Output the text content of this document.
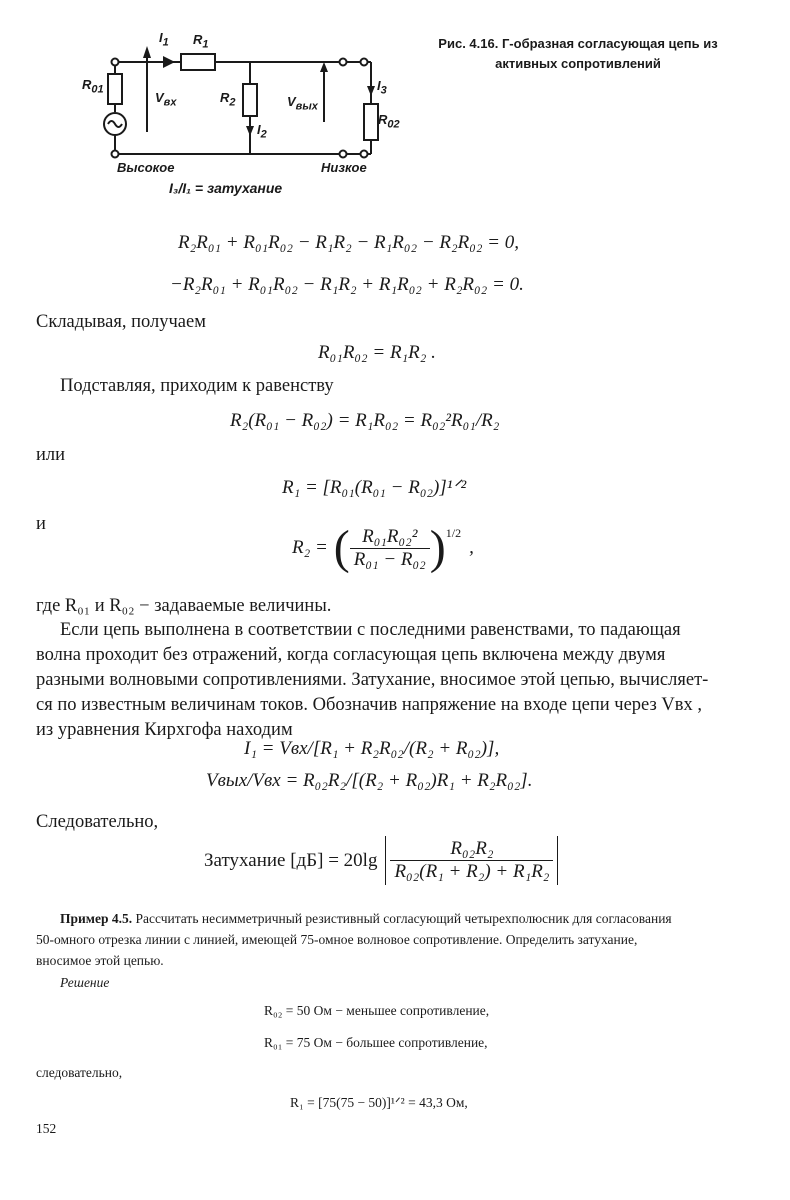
$I_1$ $R_1$
$R_{01}$
$V_{вх}$	$R_2$
$I_2$
$V_{вых}$
$I_3$
$R_{02}$
Высокое	Низкое
I₃/I₁ = затухание
Рис. 4.16. Г-образная согласующая цепь из
активных сопротивлений
R₂R₀₁ + R₀₁R₀₂ − R₁R₂ − R₁R₀₂ − R₂R₀₂ = 0,
−R₂R₀₁ + R₀₁R₀₂ − R₁R₂ + R₁R₀₂ + R₂R₀₂ = 0.
Складывая, получаем
R₀₁R₀₂ = R₁R₂ .
Подставляя, приходим к равенству
R₂(R₀₁ − R₀₂) = R₁R₀₂ = R₀₂²R₀₁/R₂
или
R₁ = [R₀₁(R₀₁ − R₀₂)]¹ᐟ²
и
R₂ = ( $\frac{\text{R₀₁R₀₂²}}{\text{R₀₁ − R₀₂}}$ ) 1/2
,
где R₀₁ и R₀₂ − задаваемые величины.
Если цепь выполнена в соответствии с последними равенствами, то падающая
волна проходит без отражений, когда согласующая цепь включена между двумя
разными волновыми сопротивлениями. Затухание, вносимое этой цепью, вычисляет-
ся по известным величинам токов. Обозначив напряжение на входе цепи через Vвх ,
из уравнения Кирхгофа находим
I₁ = Vвх/[R₁ + R₂R₀₂/(R₂ + R₀₂)],
Vвых/Vвх = R₀₂R₂/[(R₂ + R₀₂)R₁ + R₂R₀₂].
Следовательно,
Затухание $[дБ] = 20\lg \frac{\text{R₀₂R₂}}{\text{R₀₂(R₁ + R₂) + R₁R₂}}$
Пример 4.5. Рассчитать несимметричный резистивный согласующий четырехполюсник для согласования
50-омного отрезка линии с линией, имеющей 75-омное волновое сопротивление. Определить затухание,
вносимое этой цепью.
Решение
R₀₂ = 50 Ом − меньшее сопротивление,
R₀₁ = 75 Ом − большее сопротивление,
следовательно,
R₁ = [75(75 − 50)]¹ᐟ² = 43,3 Ом,
152
